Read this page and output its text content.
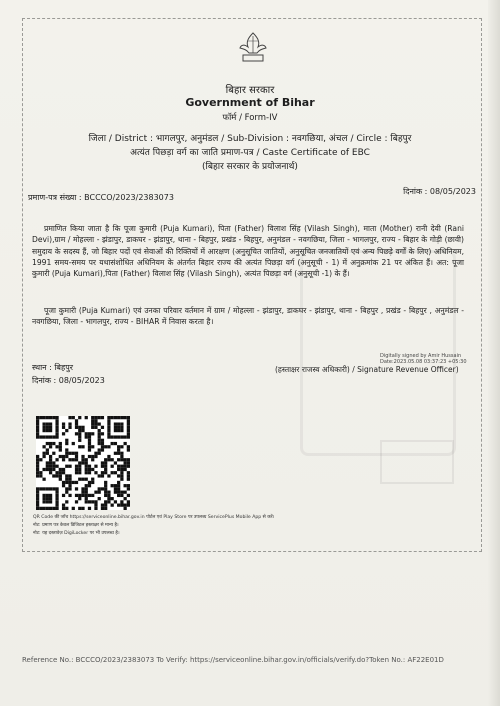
बिहार सरकार
Government of Bihar
फॉर्म / Form-IV
जिला / District : भागलपुर, अनुमंडल / Sub-Division : नवगछिया, अंचल / Circle : बिहपुर
अत्यंत पिछड़ा वर्ग का जाति प्रमाण-पत्र / Caste Certificate of EBC
(बिहार सरकार के प्रयोजनार्थ)
प्रमाण-पत्र संख्या : BCCCO/2023/2383073
दिनांक : 08/05/2023
प्रमाणित किया जाता है कि पूजा कुमारी (Puja Kumari), पिता (Father) विलाश सिंह (Vilash Singh), माता (Mother) रानी देवी (Rani Devi),ग्राम / मोहल्ला - झंडापुर, डाकघर - झंडापुर, थाना - बिहपुर, प्रखंड - बिहपुर, अनुमंडल - नवगछिया, जिला - भागलपुर, राज्य - बिहार के गोड़ी (छावी) समुदाय के सदस्य हैं, जो बिहार पदों एवं सेवाओं की रिक्तियों में आरक्षण (अनुसूचित जातियों, अनुसूचित जनजातियों एवं अन्य पिछड़े वर्गों के लिए) अधिनियम, 1991 समय-समय पर यथासंशोधित अधिनियम के अंतर्गत बिहार राज्य की अत्यंत पिछड़ा वर्ग (अनुसूची - 1) में अनुक्रमांक 21 पर अंकित हैं। अत: पूजा कुमारी (Puja Kumari),पिता (Father) विलाश सिंह (Vilash Singh), अत्यंत पिछड़ा वर्ग (अनुसूची -1) के हैं।
पूजा कुमारी (Puja Kumari) एवं उनका परिवार वर्तमान में ग्राम / मोहल्ला - झंडापुर, डाकघर - झंडापुर, थाना - बिहपुर , प्रखंड - बिहपुर , अनुमंडल - नवगछिया, जिला - भागलपुर, राज्य - BIHAR में निवास करता है।
Digitally signed by Amir Hussain
Date:2023.05.08 03:37:23 +05:30
स्थान : बिहपुर
दिनांक : 08/05/2023
(हस्ताक्षर राजस्व अधिकारी) / Signature Revenue Officer)
QR Code की जाँच https://serviceonline.bihar.gov.in पोर्टल एवं Play Store पर उपलब्ध ServicePlus Mobile App से करें।
नोट: प्रमाण पत्र केवल डिजिटल हस्ताक्षर से मान्य है।
नोट: यह दस्तावेज़ DigiLocker पर भी उपलब्ध है।
Reference No.: BCCCO/2023/2383073 To Verify: https://serviceonline.bihar.gov.in/officials/verify.do?Token No.: AF22E01D
